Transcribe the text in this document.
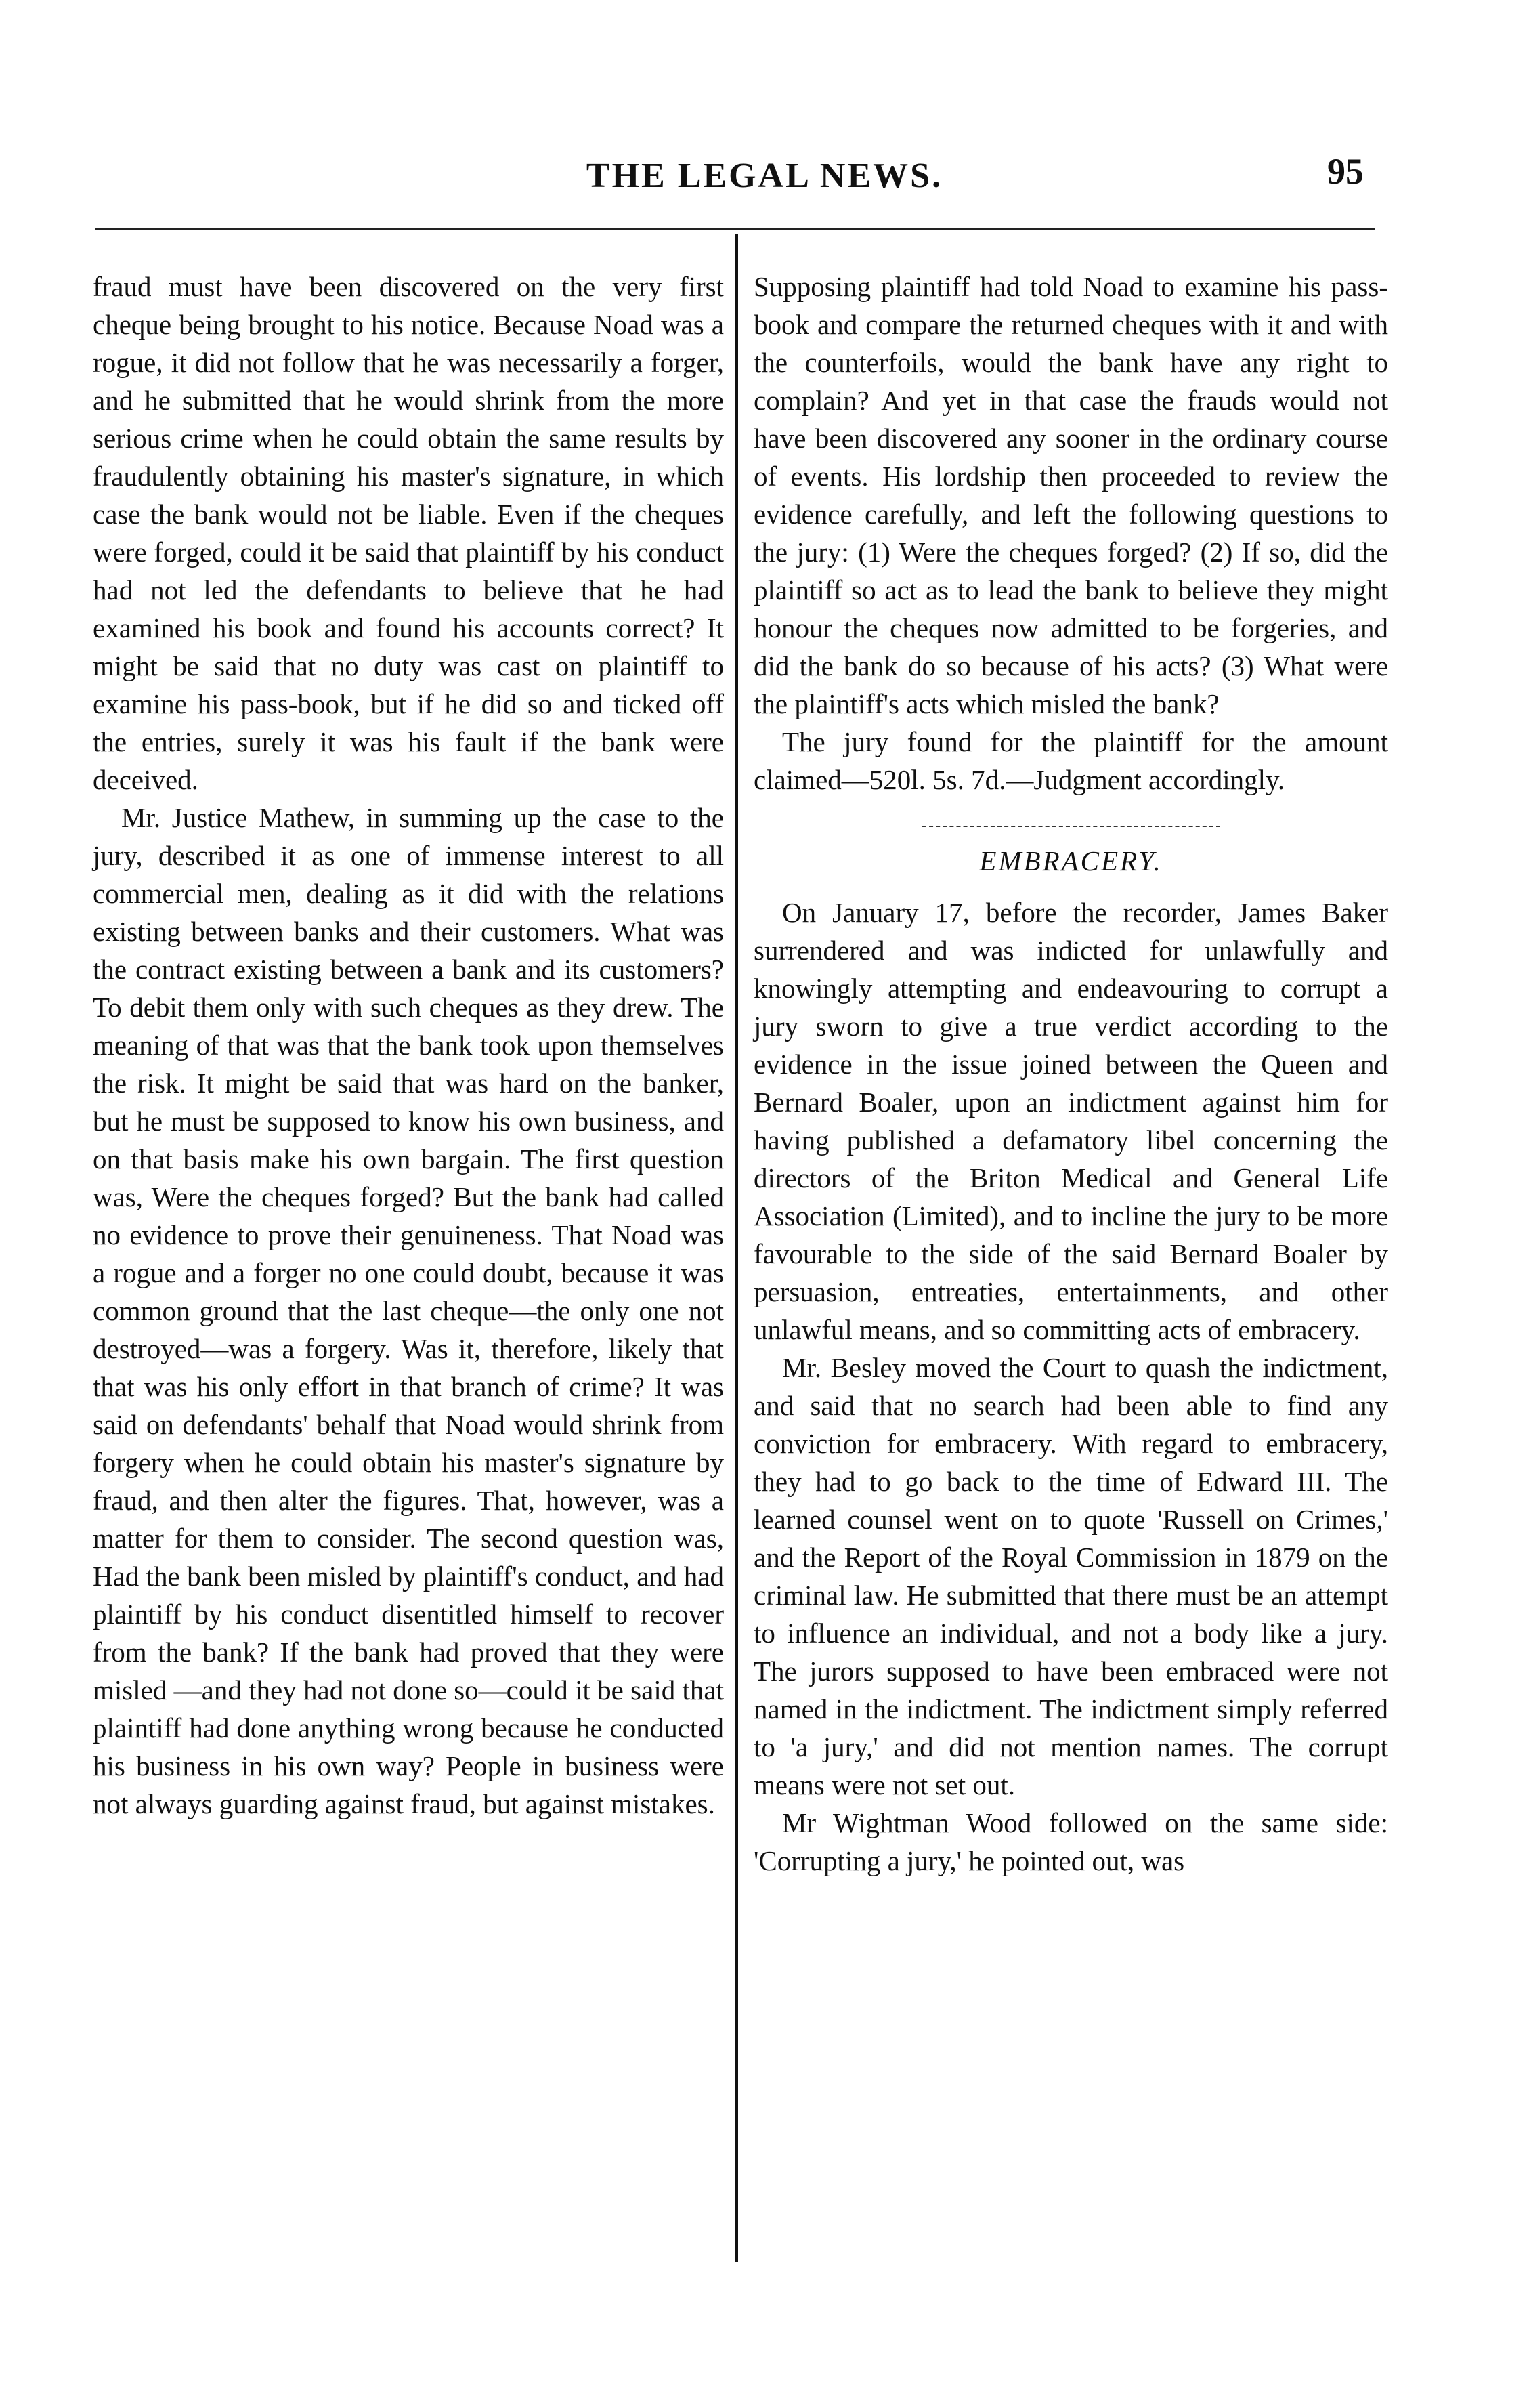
THE LEGAL NEWS.	95

fraud must have been discovered on the very first cheque being brought to his notice. Because Noad was a rogue, it did not follow that he was necessarily a forger, and he submitted that he would shrink from the more serious crime when he could obtain the same results by fraudulently obtaining his master's signature, in which case the bank would not be liable. Even if the cheques were forged, could it be said that plaintiff by his conduct had not led the defendants to believe that he had examined his book and found his accounts correct? It might be said that no duty was cast on plaintiff to examine his pass-book, but if he did so and ticked off the entries, surely it was his fault if the bank were deceived.

Mr. Justice Mathew, in summing up the case to the jury, described it as one of immense interest to all commercial men, dealing as it did with the relations existing between banks and their customers. What was the contract existing between a bank and its customers? To debit them only with such cheques as they drew. The meaning of that was that the bank took upon themselves the risk. It might be said that was hard on the banker, but he must be supposed to know his own business, and on that basis make his own bargain. The first question was, Were the cheques forged? But the bank had called no evidence to prove their genuineness. That Noad was a rogue and a forger no one could doubt, because it was common ground that the last cheque—the only one not destroyed—was a forgery. Was it, therefore, likely that that was his only effort in that branch of crime? It was said on defendants' behalf that Noad would shrink from forgery when he could obtain his master's signature by fraud, and then alter the figures. That, however, was a matter for them to consider. The second question was, Had the bank been misled by plaintiff's conduct, and had plaintiff by his conduct disentitled himself to recover from the bank? If the bank had proved that they were misled —and they had not done so—could it be said that plaintiff had done anything wrong because he conducted his business in his own way? People in business were not always guarding against fraud, but against mistakes.

Supposing plaintiff had told Noad to examine his pass-book and compare the returned cheques with it and with the counterfoils, would the bank have any right to complain? And yet in that case the frauds would not have been discovered any sooner in the ordinary course of events. His lordship then proceeded to review the evidence carefully, and left the following questions to the jury: (1) Were the cheques forged? (2) If so, did the plaintiff so act as to lead the bank to believe they might honour the cheques now admitted to be forgeries, and did the bank do so because of his acts? (3) What were the plaintiff's acts which misled the bank?

The jury found for the plaintiff for the amount claimed—520l. 5s. 7d.—Judgment accordingly.

EMBRACERY.

On January 17, before the recorder, James Baker surrendered and was indicted for unlawfully and knowingly attempting and endeavouring to corrupt a jury sworn to give a true verdict according to the evidence in the issue joined between the Queen and Bernard Boaler, upon an indictment against him for having published a defamatory libel concerning the directors of the Briton Medical and General Life Association (Limited), and to incline the jury to be more favourable to the side of the said Bernard Boaler by persuasion, entreaties, entertainments, and other unlawful means, and so committing acts of embracery.

Mr. Besley moved the Court to quash the indictment, and said that no search had been able to find any conviction for embracery. With regard to embracery, they had to go back to the time of Edward III. The learned counsel went on to quote 'Russell on Crimes,' and the Report of the Royal Commission in 1879 on the criminal law. He submitted that there must be an attempt to influence an individual, and not a body like a jury. The jurors supposed to have been embraced were not named in the indictment. The indictment simply referred to 'a jury,' and did not mention names. The corrupt means were not set out.

Mr Wightman Wood followed on the same side: 'Corrupting a jury,' he pointed out, was
